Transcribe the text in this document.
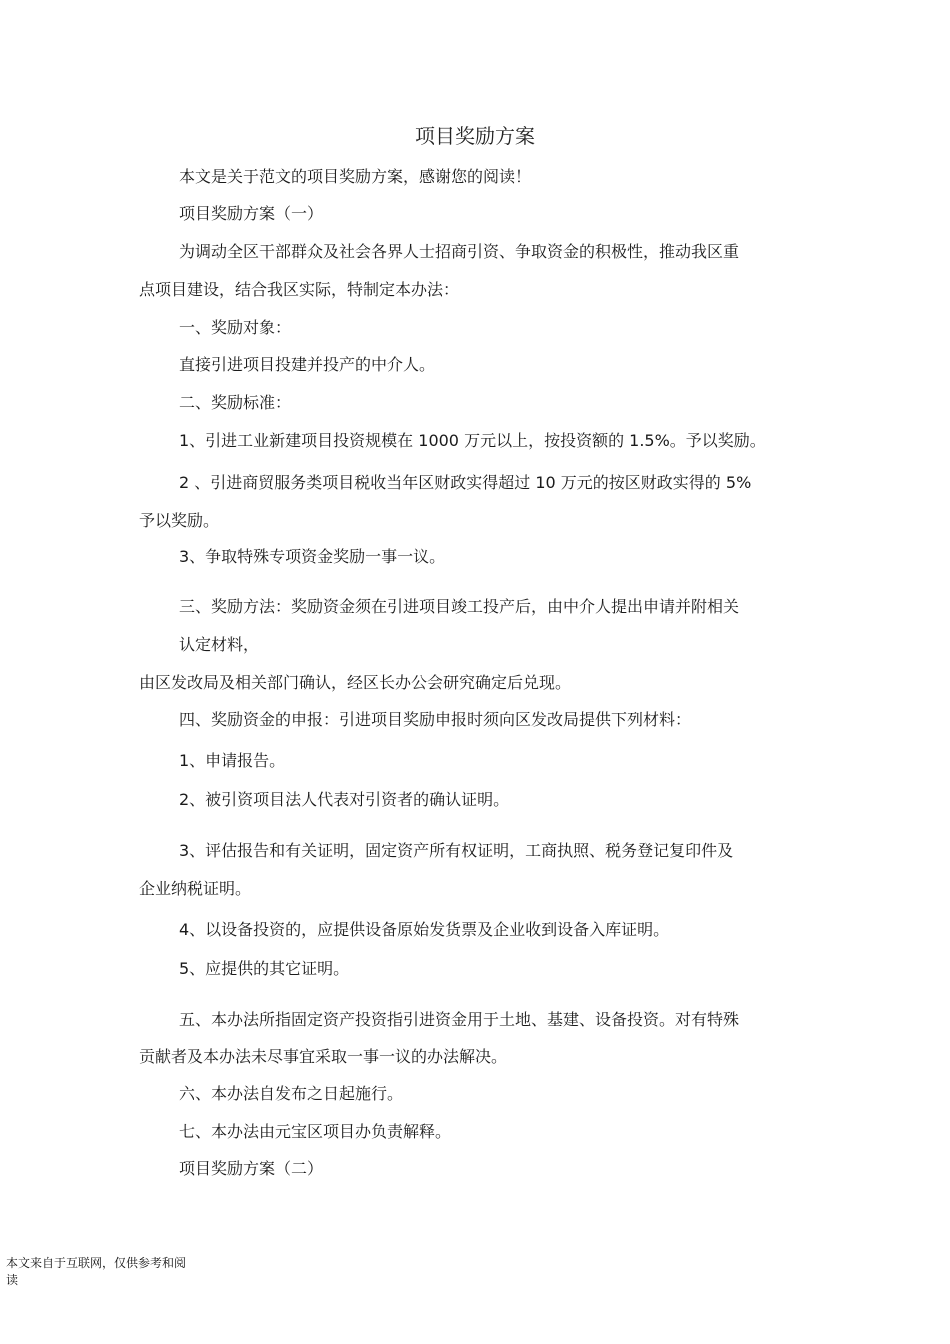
项目奖励方案
本文是关于范文的项目奖励方案，感谢您的阅读！
项目奖励方案（一）
为调动全区干部群众及社会各界人士招商引资、争取资金的积极性，推动我区重
点项目建设，结合我区实际，特制定本办法：
一、奖励对象：
直接引进项目投建并投产的中介人。
二、奖励标准：
1、引进工业新建项目投资规模在 1000 万元以上，按投资额的 1.5%。予以奖励。
2 、引进商贸服务类项目税收当年区财政实得超过 10 万元的按区财政实得的 5%
予以奖励。
3、争取特殊专项资金奖励一事一议。
三、奖励方法：奖励资金须在引进项目竣工投产后，由中介人提出申请并附相关
认定材料，
由区发改局及相关部门确认，经区长办公会研究确定后兑现。
四、奖励资金的申报：引进项目奖励申报时须向区发改局提供下列材料：
1、申请报告。
2、被引资项目法人代表对引资者的确认证明。
3、评估报告和有关证明，固定资产所有权证明，工商执照、税务登记复印件及
企业纳税证明。
4、以设备投资的，应提供设备原始发货票及企业收到设备入库证明。
5、应提供的其它证明。
五、本办法所指固定资产投资指引进资金用于土地、基建、设备投资。对有特殊
贡献者及本办法未尽事宜采取一事一议的办法解决。
六、本办法自发布之日起施行。
七、本办法由元宝区项目办负责解释。
项目奖励方案（二）
本文来自于互联网，仅供参考和阅
读
